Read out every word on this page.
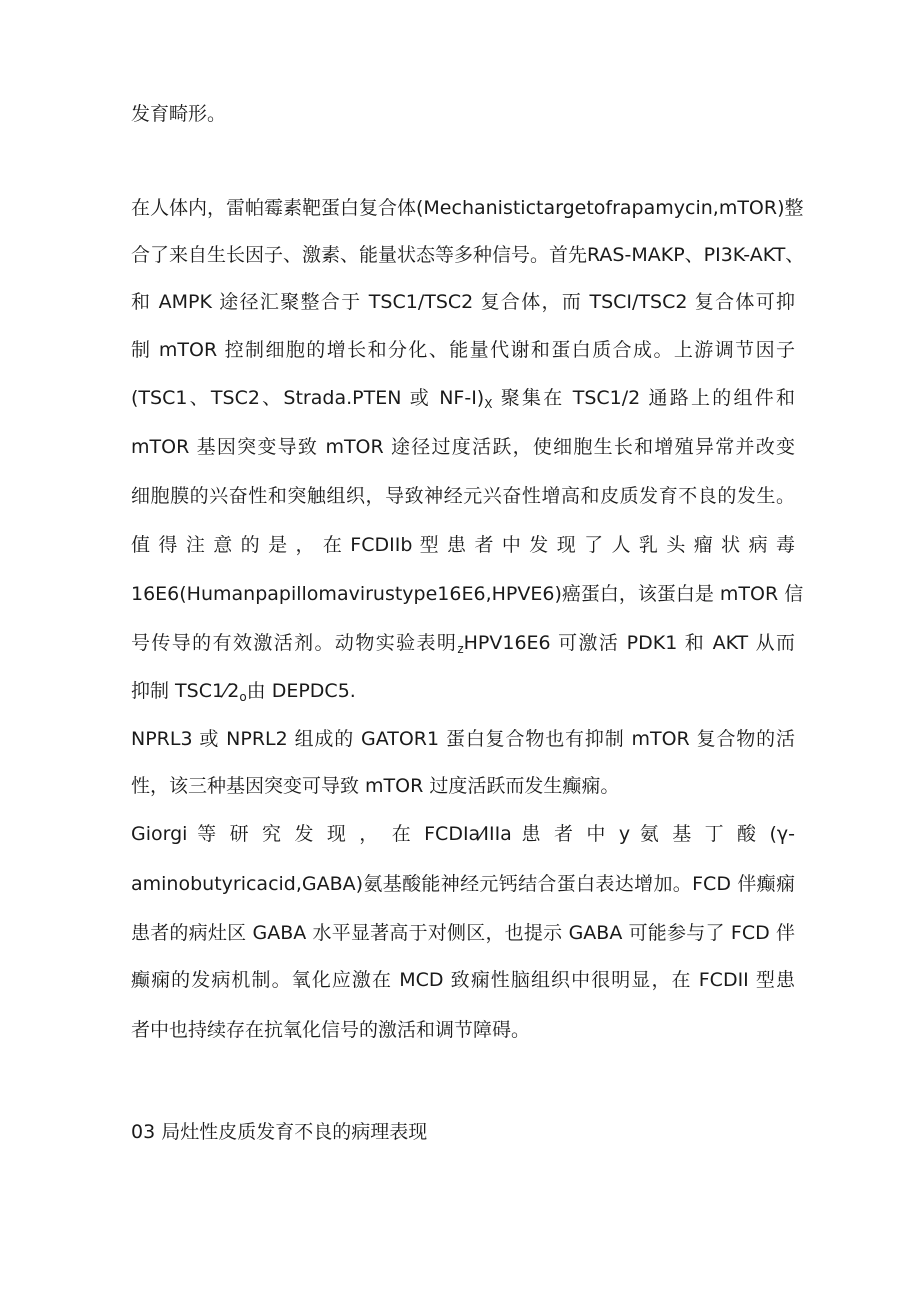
发育畸形。
在人体内，雷帕霉素靶蛋白复合体(Mechanistictargetofrapamycin,mTOR)整
合了来自生长因子、激素、能量状态等多种信号。首先RAS-MAKP、PI3K-AKT、
和 AMPK 途径汇聚整合于 TSC1/TSC2 复合体，而 TSCI/TSC2 复合体可抑
制 mTOR 控制细胞的增长和分化、能量代谢和蛋白质合成。上游调节因子
(TSC1、TSC2、Strada.PTEN 或 $NF-I)_X$ 聚集在 TSC1/2 通路上的组件和
mTOR 基因突变导致 mTOR 途径过度活跃，使细胞生长和增殖异常并改变
细胞膜的兴奋性和突触组织，导致神经元兴奋性增高和皮质发育不良的发生。
值 得 注 意 的 是 ， 在 FCDIIb 型 患 者 中 发 现 了 人 乳 头 瘤 状 病 毒
16E6(Humanpapillomavirustype16E6,HPVE6)癌蛋白，该蛋白是 mTOR 信
号传导的有效激活剂。动物实验表明$_z$HPV16E6 可激活 PDK1 和 AKT 从而
抑制 $TSC1⁄2_o$由 DEPDC5.
NPRL3 或 NPRL2 组成的 GATOR1 蛋白复合物也有抑制 mTOR 复合物的活
性，该三种基因突变可导致 mTOR 过度活跃而发生癫痫。
Giorgi 等 研 究 发 现 ， 在 FCDIa⁄IIIa 患 者 中 y 氨 基 丁 酸 (γ-
aminobutyricacid,GABA)氨基酸能神经元钙结合蛋白表达增加。FCD 伴癫痫
患者的病灶区 GABA 水平显著高于对侧区，也提示 GABA 可能参与了 FCD 伴
癫痫的发病机制。氧化应激在 MCD 致痫性脑组织中很明显，在 FCDII 型患
者中也持续存在抗氧化信号的激活和调节障碍。
03 局灶性皮质发育不良的病理表现
